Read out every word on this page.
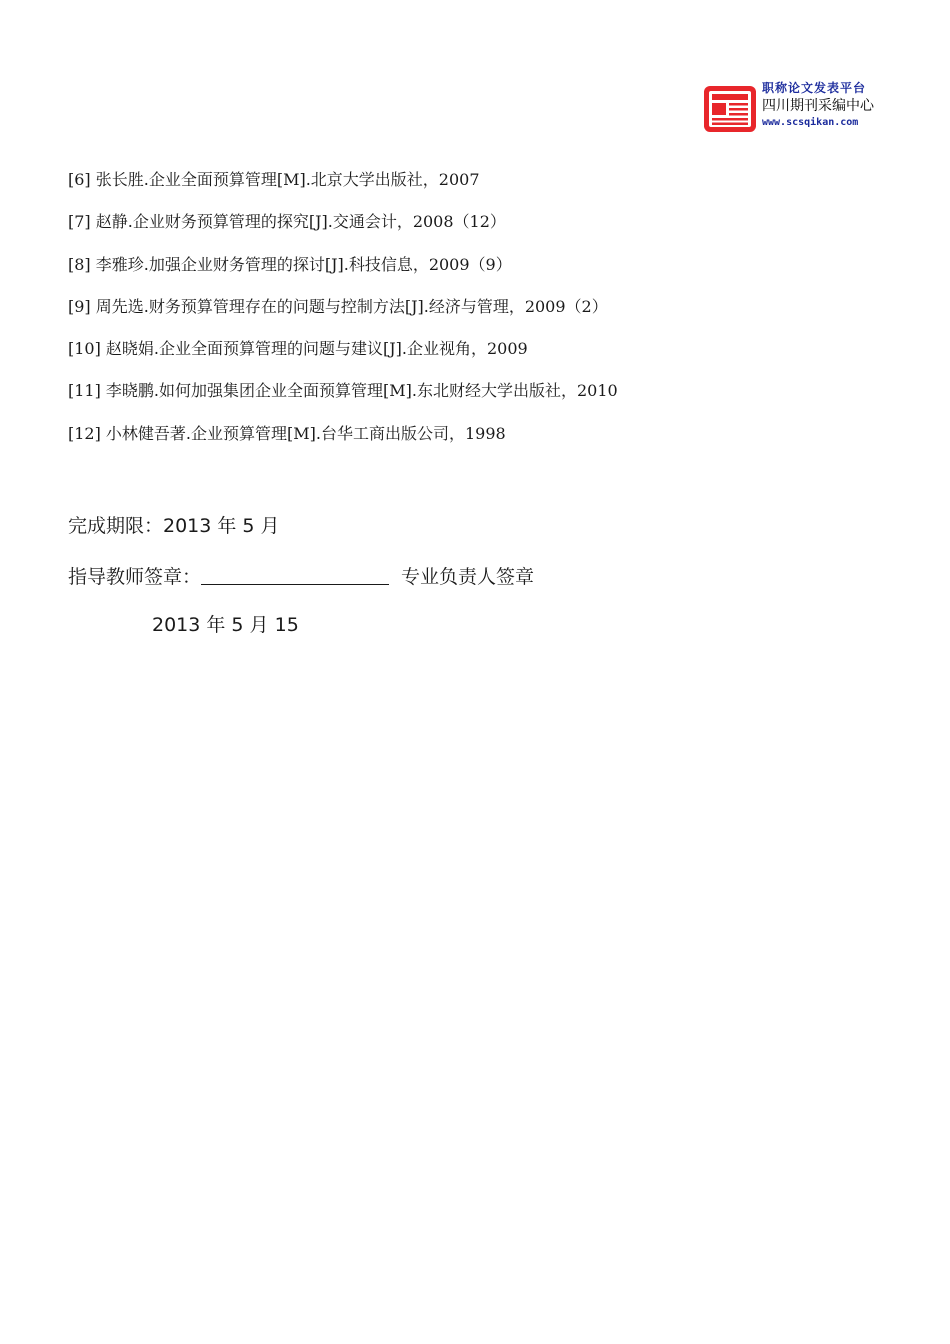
职称论文发表平台
四川期刊采编中心
www.scsqikan.com
[6] 张长胜.企业全面预算管理[M].北京大学出版社，2007
[7] 赵静.企业财务预算管理的探究[J].交通会计，2008（12）
[8] 李雅珍.加强企业财务管理的探讨[J].科技信息，2009（9）
[9] 周先选.财务预算管理存在的问题与控制方法[J].经济与管理，2009（2）
[10] 赵晓娟.企业全面预算管理的问题与建议[J].企业视角，2009
[11] 李晓鹏.如何加强集团企业全面预算管理[M].东北财经大学出版社，2010
[12] 小林健吾著.企业预算管理[M].台华工商出版公司，1998
完成期限：2013 年 5 月
指导教师签章：	专业负责人签章
2013 年 5 月 15
